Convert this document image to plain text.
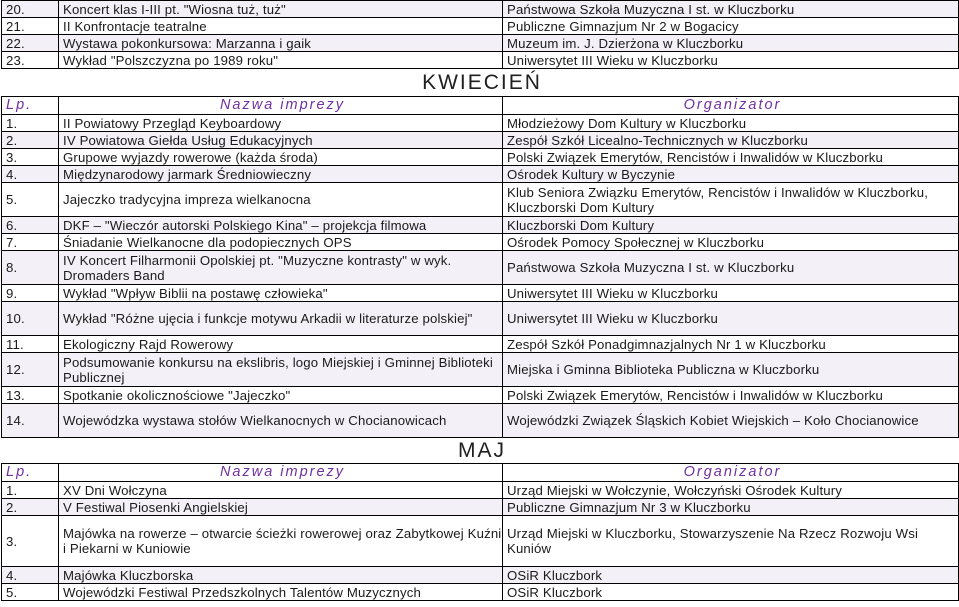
20.	Koncert klas I-III pt. "Wiosna tuż, tuż"	Państwowa Szkoła Muzyczna I st. w Kluczborku
21.	II Konfrontacje teatralne	Publiczne Gimnazjum Nr 2 w Bogacicy
22.	Wystawa pokonkursowa: Marzanna i gaik	Muzeum im. J. Dzierżona w Kluczborku
23.	Wykład "Polszczyzna po 1989 roku"	Uniwersytet III Wieku w Kluczborku
KWIECIEŃ		
Lp.	Nazwa imprezy	Organizator
1.	II Powiatowy Przegląd Keyboardowy	Młodzieżowy Dom Kultury w Kluczborku
2.	IV Powiatowa Giełda Usług Edukacyjnych	Zespół Szkół Licealno-Technicznych w Kluczborku
3.	Grupowe wyjazdy rowerowe (każda środa)	Polski Związek Emerytów, Rencistów i Inwalidów w Kluczborku
4.	Międzynarodowy jarmark Średniowieczny	Ośrodek Kultury w Byczynie
5.	Jajeczko tradycyjna impreza wielkanocna	Klub Seniora Związku Emerytów, Rencistów i Inwalidów w Kluczborku, Kluczborski Dom Kultury
6.	DKF – "Wieczór autorski Polskiego Kina" – projekcja filmowa	Kluczborski Dom Kultury
7.	Śniadanie Wielkanocne dla podopiecznych OPS	Ośrodek Pomocy Społecznej w Kluczborku
8.	IV Koncert Filharmonii Opolskiej pt. "Muzyczne kontrasty" w wyk. Dromaders Band	Państwowa Szkoła Muzyczna I st. w Kluczborku
9.	Wykład "Wpływ Biblii na postawę człowieka"	Uniwersytet III Wieku w Kluczborku
10.	Wykład "Różne ujęcia i funkcje motywu Arkadii w literaturze polskiej"	Uniwersytet III Wieku w Kluczborku
11.	Ekologiczny Rajd Rowerowy	Zespół Szkół Ponadgimnazjalnych Nr 1 w Kluczborku
12.	Podsumowanie konkursu na ekslibris, logo Miejskiej i Gminnej Biblioteki Publicznej	Miejska i Gminna Biblioteka Publiczna w Kluczborku
13.	Spotkanie okolicznościowe "Jajeczko"	Polski Związek Emerytów, Rencistów i Inwalidów w Kluczborku
14.	Wojewódzka wystawa stołów Wielkanocnych w Chocianowicach	Wojewódzki Związek Śląskich Kobiet Wiejskich – Koło Chocianowice
MAJ		
Lp.	Nazwa imprezy	Organizator
1.	XV Dni Wołczyna	Urząd Miejski w Wołczynie, Wołczyński Ośrodek Kultury
2.	V Festiwal Piosenki Angielskiej	Publiczne Gimnazjum Nr 3 w Kluczborku
3.	Majówka na rowerze – otwarcie ścieżki rowerowej oraz Zabytkowej Kuźni i Piekarni w Kuniowie	Urząd Miejski w Kluczborku, Stowarzyszenie Na Rzecz Rozwoju Wsi Kuniów
4.	Majówka Kluczborska	OSiR Kluczbork
5.	Wojewódzki Festiwal Przedszkolnych Talentów Muzycznych	OSiR Kluczbork
